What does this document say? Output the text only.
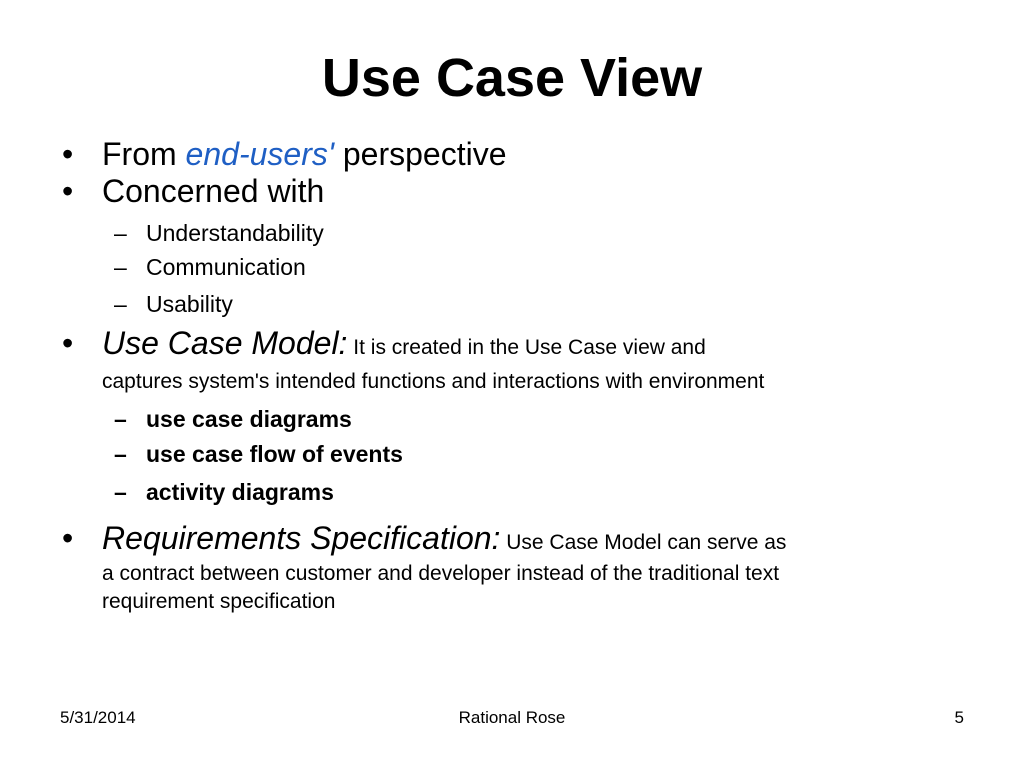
Use Case View
• From end-users' perspective
• Concerned with
– Understandability
– Communication
– Usability
• Use Case Model: It is created in the Use Case view and
captures system's intended functions and interactions with environment
– use case diagrams
– use case flow of events
– activity diagrams
• Requirements Specification: Use Case Model can serve as
a contract between customer and developer instead of the traditional text
requirement specification
5/31/2014	Rational Rose	5
